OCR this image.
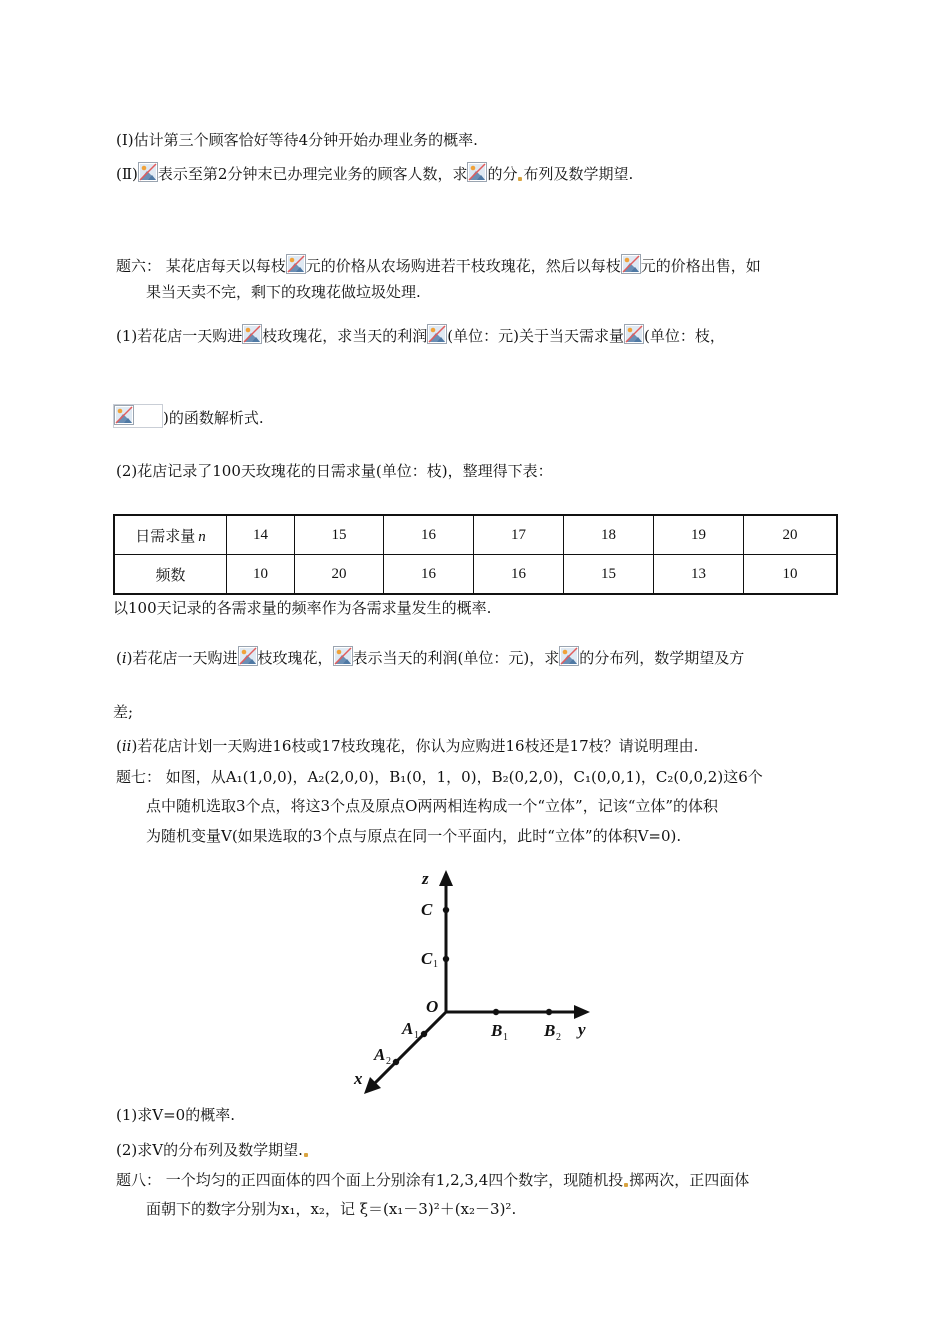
(Ⅰ)估计第三个顾客恰好等待4分钟开始办理业务的概率.
(Ⅱ) 表示至第2分钟末已办理完业务的顾客人数，求 的分 布列及数学期望.
题六： 某花店每天以每枝 元的价格从农场购进若干枝玫瑰花，然后以每枝 元的价格出售，如
果当天卖不完，剩下的玫瑰花做垃圾处理.
(1)若花店一天购进 枝玫瑰花，求当天的利润 (单位：元)关于当天需求量 (单位：枝，
)的函数解析式.
(2)花店记录了100天玫瑰花的日需求量(单位：枝)，整理得下表：
日需求量 n	14	15	16	17	18	19	20
频数	10	20	16	16	15	13	10
以100天记录的各需求量的频率作为各需求量发生的概率.
(i)若花店一天购进 枝玫瑰花， 表示当天的利润(单位：元)，求 的分布列，数学期望及方
差;
(ii)若花店计划一天购进16枝或17枝玫瑰花，你认为应购进16枝还是17枝？请说明理由.
题七： 如图，从A₁(1,0,0)，A₂(2,0,0)，B₁(0，1，0)，B₂(0,2,0)，C₁(0,0,1)，C₂(0,0,2)这6个
点中随机选取3个点，将这3个点及原点O两两相连构成一个“立体”，记该“立体”的体积
为随机变量V(如果选取的3个点与原点在同一个平面内，此时“立体”的体积V=0).
z
y
x
O
C
C
B B
A
A
1
1	2
1
2
(1)求V=0的概率.
(2)求V的分布列及数学期望.
题八： 一个均匀的正四面体的四个面上分别涂有1,2,3,4四个数字，现随机投 掷两次，正四面体
面朝下的数字分别为x₁，x₂，记 ξ＝(x₁－3)²＋(x₂－3)².
